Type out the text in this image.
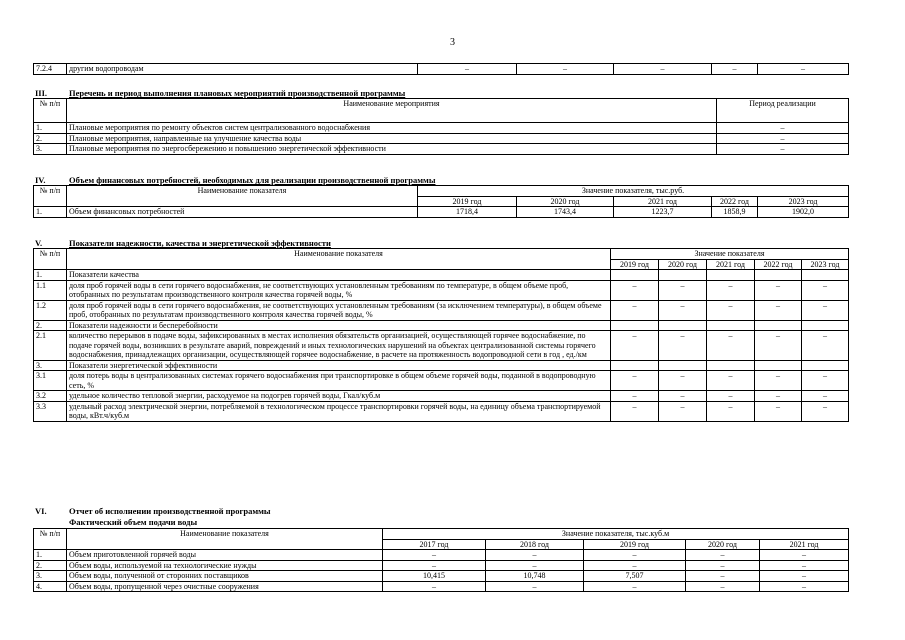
3
7.2.4	другим водопроводам	–	–	–	–	–
III.	Перечень и период выполнения плановых мероприятий производственной программы
№ п/п	Наименование мероприятия	Период реализации
1.	Плановые мероприятия по ремонту объектов систем централизованного водоснабжения	–
2.	Плановые мероприятия, направленные на улучшение качества воды	–
3.	Плановые мероприятия по энергосбережению и повышению энергетической эффективности	–
IV.	Объем финансовых потребностей, необходимых для реализации производственной программы
№ п/п	Наименование показателя	Значение показателя, тыс.руб.				
		2019 год	2020 год	2021 год	2022 год	2023 год
1.	Объем финансовых потребностей	1718,4	1743,4	1223,7	1858,9	1902,0
V.	Показатели надежности, качества и энергетической эффективности
№ п/п	Наименование показателя	Значение показателя				
		2019 год	2020 год	2021 год	2022 год	2023 год
1.	Показатели качества					
1.1	доля проб горячей воды в сети горячего водоснабжения, не соответствующих установленным требованиям по температуре, в общем объеме проб, отобранных по результатам производственного контроля качества горячей воды, %	–	–	–	–	–
1.2	доля проб горячей воды в сети горячего водоснабжения, не соответствующих установленным требованиям (за исключением температуры), в общем объеме проб, отобранных по результатам производственного контроля качества горячей воды, %	–	–	–	–	–
2.	Показатели надежности и бесперебойности					
2.1	количество перерывов в подаче воды, зафиксированных в местах исполнения обязательств организацией, осуществляющей горячее водоснабжение, по подаче горячей воды, возникших в результате аварий, повреждений и иных технологических нарушений на объектах централизованной системы горячего водоснабжения, принадлежащих организации, осуществляющей горячее водоснабжение, в расчете на протяженность водопроводной сети в год , ед./км	–	–	–	–	–
3.	Показатели энергетической эффективности					
3.1	доля потерь воды в централизованных системах горячего водоснабжения при транспортировке в общем объеме горячей воды, поданной в водопроводную сеть, %	–	–	–	–	–
3.2	удельное количество тепловой энергии, расходуемое на подогрев горячей воды, Гкал/куб.м	–	–	–	–	–
3.3	удельный расход электрической энергии, потребляемой в технологическом процессе транспортировки горячей воды, на единицу объема транспортируемой воды, кВт.ч/куб.м	–	–	–	–	–
VI.	Отчет об исполнении производственной программы
Фактический объем подачи воды
№ п/п	Наименование показателя	Значение показателя, тыс.куб.м				
		2017 год	2018 год	2019 год	2020 год	2021 год
1.	Объем приготовленной горячей воды	–	–	–	–	–
2.	Объем воды, используемой на технологические нужды	–	–	–	–	–
3.	Объем воды, полученной от сторонних поставщиков	10,415	10,748	7,507	–	–
4.	Объем воды, пропущенной через очистные сооружения	–	–	–	–	–
